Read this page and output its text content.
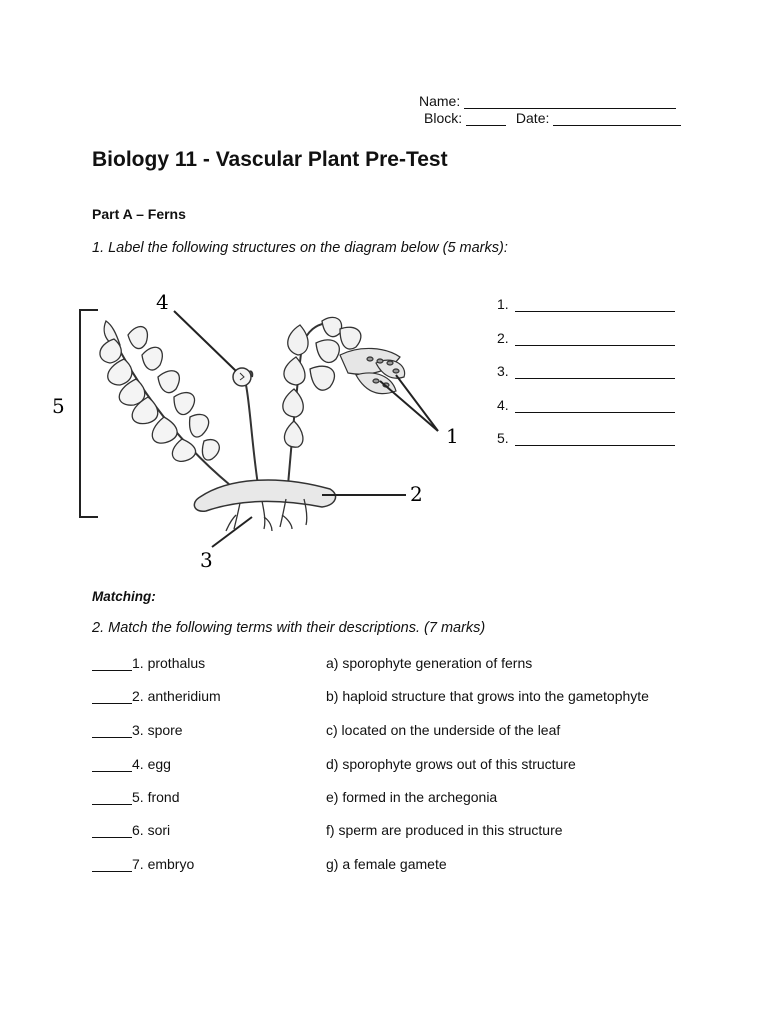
Name:
Block:	Date:
Biology 11 - Vascular Plant Pre-Test
Part A – Ferns
1. Label the following structures on the diagram below (5 marks):
5
4
1
2
3
1.
2.
3.
4.
5.
Matching:
2. Match the following terms with their descriptions. (7 marks)
1. prothalus
2. antheridium
3. spore
4. egg
5. frond
6. sori
7. embryo
a) sporophyte generation of ferns
b) haploid structure that grows into the gametophyte
c) located on the underside of the leaf
d) sporophyte grows out of this structure
e) formed in the archegonia
f) sperm are produced in this structure
g) a female gamete
